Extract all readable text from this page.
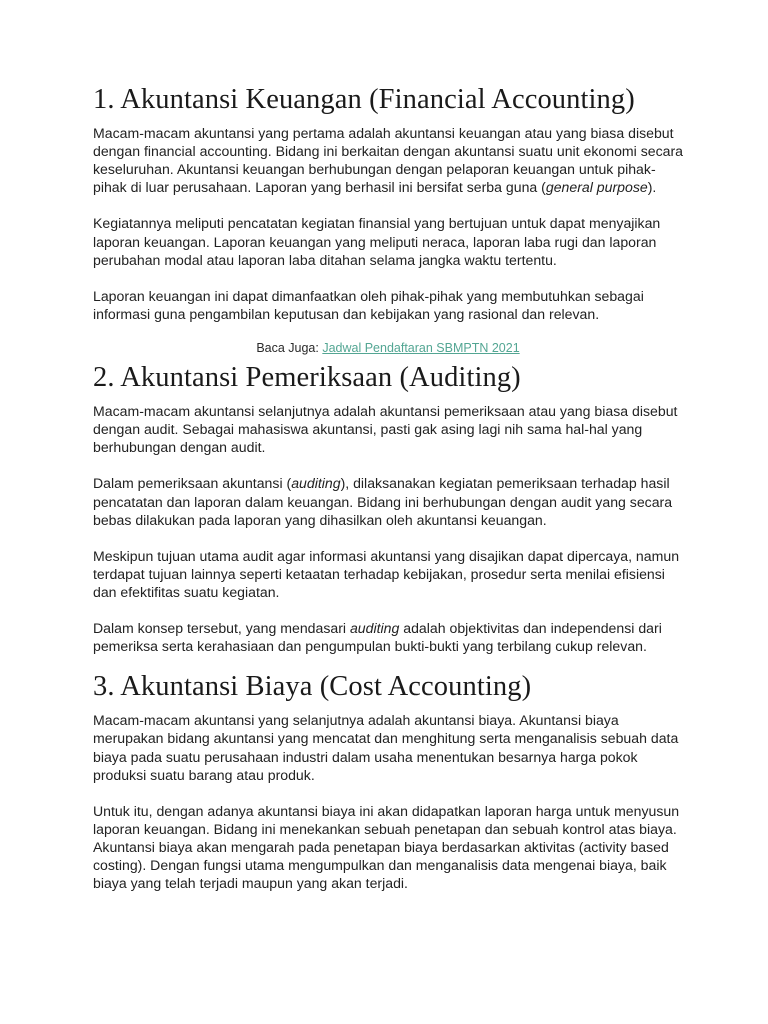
1. Akuntansi Keuangan (Financial Accounting)

Macam-macam akuntansi yang pertama adalah akuntansi keuangan atau yang biasa disebut dengan financial accounting. Bidang ini berkaitan dengan akuntansi suatu unit ekonomi secara keseluruhan. Akuntansi keuangan berhubungan dengan pelaporan keuangan untuk pihak-pihak di luar perusahaan. Laporan yang berhasil ini bersifat serba guna (general purpose).

Kegiatannya meliputi pencatatan kegiatan finansial yang bertujuan untuk dapat menyajikan laporan keuangan. Laporan keuangan yang meliputi neraca, laporan laba rugi dan laporan perubahan modal atau laporan laba ditahan selama jangka waktu tertentu.

Laporan keuangan ini dapat dimanfaatkan oleh pihak-pihak yang membutuhkan sebagai informasi guna pengambilan keputusan dan kebijakan yang rasional dan relevan.

Baca Juga: Jadwal Pendaftaran SBMPTN 2021
2. Akuntansi Pemeriksaan (Auditing)

Macam-macam akuntansi selanjutnya adalah akuntansi pemeriksaan atau yang biasa disebut dengan audit. Sebagai mahasiswa akuntansi, pasti gak asing lagi nih sama hal-hal yang berhubungan dengan audit.

Dalam pemeriksaan akuntansi (auditing), dilaksanakan kegiatan pemeriksaan terhadap hasil pencatatan dan laporan dalam keuangan. Bidang ini berhubungan dengan audit yang secara bebas dilakukan pada laporan yang dihasilkan oleh akuntansi keuangan.

Meskipun tujuan utama audit agar informasi akuntansi yang disajikan dapat dipercaya, namun terdapat tujuan lainnya seperti ketaatan terhadap kebijakan, prosedur serta menilai efisiensi dan efektifitas suatu kegiatan.

Dalam konsep tersebut, yang mendasari auditing adalah objektivitas dan independensi dari pemeriksa serta kerahasiaan dan pengumpulan bukti-bukti yang terbilang cukup relevan.

3. Akuntansi Biaya (Cost Accounting)

Macam-macam akuntansi yang selanjutnya adalah akuntansi biaya. Akuntansi biaya merupakan bidang akuntansi yang mencatat dan menghitung serta menganalisis sebuah data biaya pada suatu perusahaan industri dalam usaha menentukan besarnya harga pokok produksi suatu barang atau produk.

Untuk itu, dengan adanya akuntansi biaya ini akan didapatkan laporan harga untuk menyusun laporan keuangan. Bidang ini menekankan sebuah penetapan dan sebuah kontrol atas biaya. Akuntansi biaya akan mengarah pada penetapan biaya berdasarkan aktivitas (activity based costing). Dengan fungsi utama mengumpulkan dan menganalisis data mengenai biaya, baik biaya yang telah terjadi maupun yang akan terjadi.
